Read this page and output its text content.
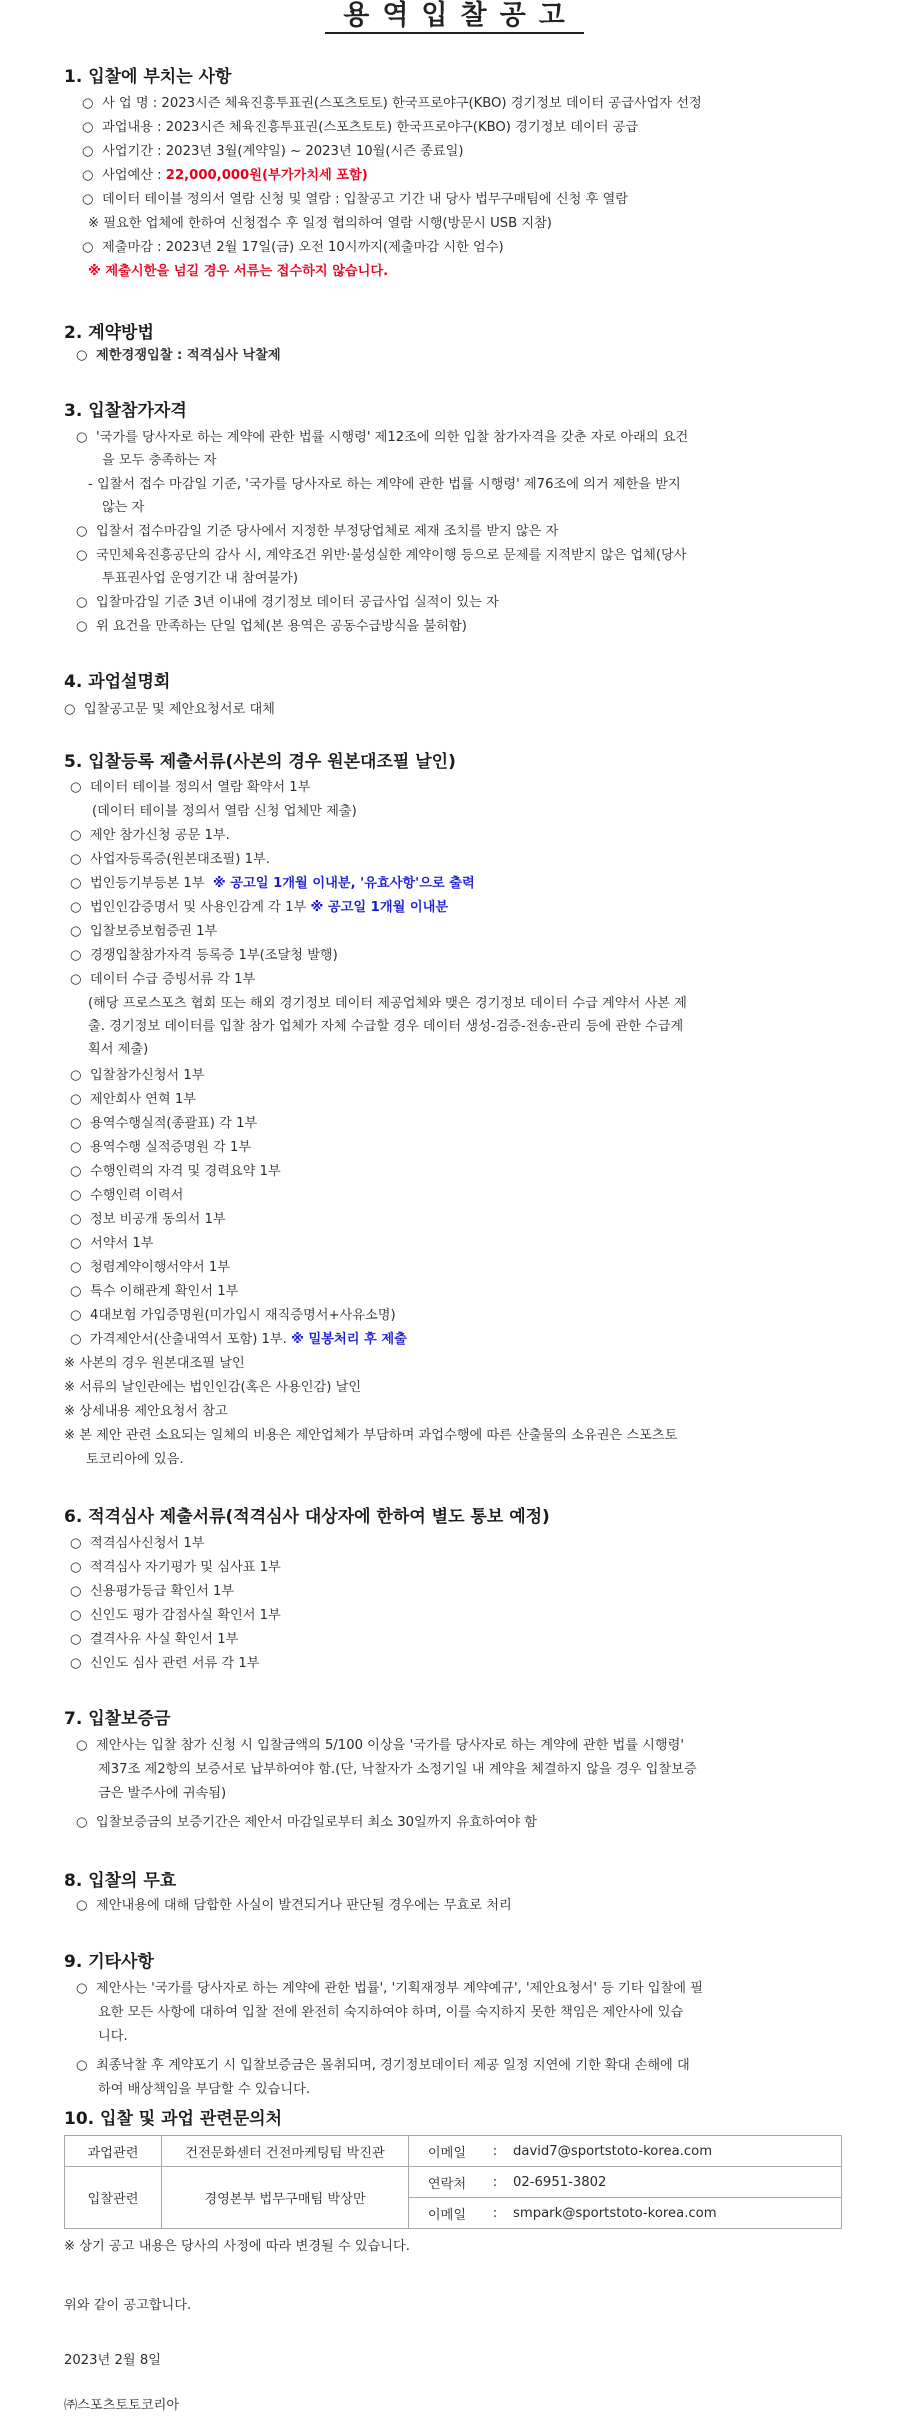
용역입찰공고
1. 입찰에 부치는 사항
○ 사 업 명 : 2023시즌 체육진흥투표권(스포츠토토) 한국프로야구(KBO) 경기정보 데이터 공급사업자 선정
○ 과업내용 : 2023시즌 체육진흥투표권(스포츠토토) 한국프로야구(KBO) 경기정보 데이터 공급
○ 사업기간 : 2023년 3월(계약일) ~ 2023년 10월(시즌 종료일)
○ 사업예산 : 22,000,000원(부가가치세 포함)
○ 데이터 테이블 정의서 열람 신청 및 열람 : 입찰공고 기간 내 당사 법무구매팀에 신청 후 열람
※ 필요한 업체에 한하여 신청접수 후 일정 협의하여 열람 시행(방문시 USB 지참)
○ 제출마감 : 2023년 2월 17일(금) 오전 10시까지(제출마감 시한 엄수)
※ 제출시한을 넘길 경우 서류는 접수하지 않습니다.
2. 계약방법
○ 제한경쟁입찰 : 적격심사 낙찰제
3. 입찰참가자격
○ '국가를 당사자로 하는 계약에 관한 법률 시행령' 제12조에 의한 입찰 참가자격을 갖춘 자로 아래의 요건
을 모두 충족하는 자
- 입찰서 접수 마감일 기준, '국가를 당사자로 하는 계약에 관한 법률 시행령' 제76조에 의거 제한을 받지
않는 자
○ 입찰서 접수마감일 기준 당사에서 지정한 부정당업체로 제재 조치를 받지 않은 자
○ 국민체육진흥공단의 감사 시, 계약조건 위반·불성실한 계약이행 등으로 문제를 지적받지 않은 업체(당사
투표권사업 운영기간 내 참여불가)
○ 입찰마감일 기준 3년 이내에 경기정보 데이터 공급사업 실적이 있는 자
○ 위 요건을 만족하는 단일 업체(본 용역은 공동수급방식을 불허함)
4. 과업설명회
○ 입찰공고문 및 제안요청서로 대체
5. 입찰등록 제출서류(사본의 경우 원본대조필 날인)
○ 데이터 테이블 정의서 열람 확약서 1부
(데이터 테이블 정의서 열람 신청 업체만 제출)
○ 제안 참가신청 공문 1부.
○ 사업자등록증(원본대조필) 1부.
○ 법인등기부등본 1부 ※ 공고일 1개월 이내분, '유효사항'으로 출력
○ 법인인감증명서 및 사용인감계 각 1부 ※ 공고일 1개월 이내분
○ 입찰보증보험증권 1부
○ 경쟁입찰참가자격 등록증 1부(조달청 발행)
○ 데이터 수급 증빙서류 각 1부
(해당 프로스포츠 협회 또는 해외 경기정보 데이터 제공업체와 맺은 경기정보 데이터 수급 계약서 사본 제
출. 경기정보 데이터를 입찰 참가 업체가 자체 수급할 경우 데이터 생성-검증-전송-관리 등에 관한 수급계
획서 제출)
○ 입찰참가신청서 1부
○ 제안회사 연혁 1부
○ 용역수행실적(종괄표) 각 1부
○ 용역수행 실적증명원 각 1부
○ 수행인력의 자격 및 경력요약 1부
○ 수행인력 이력서
○ 정보 비공개 동의서 1부
○ 서약서 1부
○ 청렴계약이행서약서 1부
○ 특수 이해관계 확인서 1부
○ 4대보험 가입증명원(미가입시 재직증명서+사유소명)
○ 가격제안서(산출내역서 포함) 1부. ※ 밀봉처리 후 제출
※ 사본의 경우 원본대조필 날인
※ 서류의 날인란에는 법인인감(혹은 사용인감) 날인
※ 상세내용 제안요청서 참고
※ 본 제안 관련 소요되는 일체의 비용은 제안업체가 부담하며 과업수행에 따른 산출물의 소유권은 스포츠토
토코리아에 있음.
6. 적격심사 제출서류(적격심사 대상자에 한하여 별도 통보 예정)
○ 적격심사신청서 1부
○ 적격심사 자기평가 및 심사표 1부
○ 신용평가등급 확인서 1부
○ 신인도 평가 감점사실 확인서 1부
○ 결격사유 사실 확인서 1부
○ 신인도 심사 관련 서류 각 1부
7. 입찰보증금
○ 제안사는 입찰 참가 신청 시 입찰금액의 5/100 이상을 '국가를 당사자로 하는 계약에 관한 법률 시행령'
제37조 제2항의 보증서로 납부하여야 함.(단, 낙찰자가 소정기일 내 계약을 체결하지 않을 경우 입찰보증
금은 발주사에 귀속됨)
○ 입찰보증금의 보증기간은 제안서 마감일로부터 최소 30일까지 유효하여야 함
8. 입찰의 무효
○ 제안내용에 대해 담합한 사실이 발견되거나 판단될 경우에는 무효로 처리
9. 기타사항
○ 제안사는 '국가를 당사자로 하는 계약에 관한 법률', '기획재정부 계약예규', '제안요청서' 등 기타 입찰에 필
요한 모든 사항에 대하여 입찰 전에 완전히 숙지하여야 하며, 이를 숙지하지 못한 책임은 제안사에 있습
니다.
○ 최종낙찰 후 계약포기 시 입찰보증금은 몰취되며, 경기정보데이터 제공 일정 지연에 기한 확대 손해에 대
하여 배상책임을 부담할 수 있습니다.
10. 입찰 및 과업 관련문의처
과업관련	건전문화센터 건전마케팅팀 박진관	이메일	:	david7@sportstoto-korea.com
입찰관련	경영본부 법무구매팀 박상만	연락처	:	02-6951-3802
		이메일	:	smpark@sportstoto-korea.com
※ 상기 공고 내용은 당사의 사정에 따라 변경될 수 있습니다.
위와 같이 공고합니다.
2023년 2월 8일
㈜스포츠토토코리아
